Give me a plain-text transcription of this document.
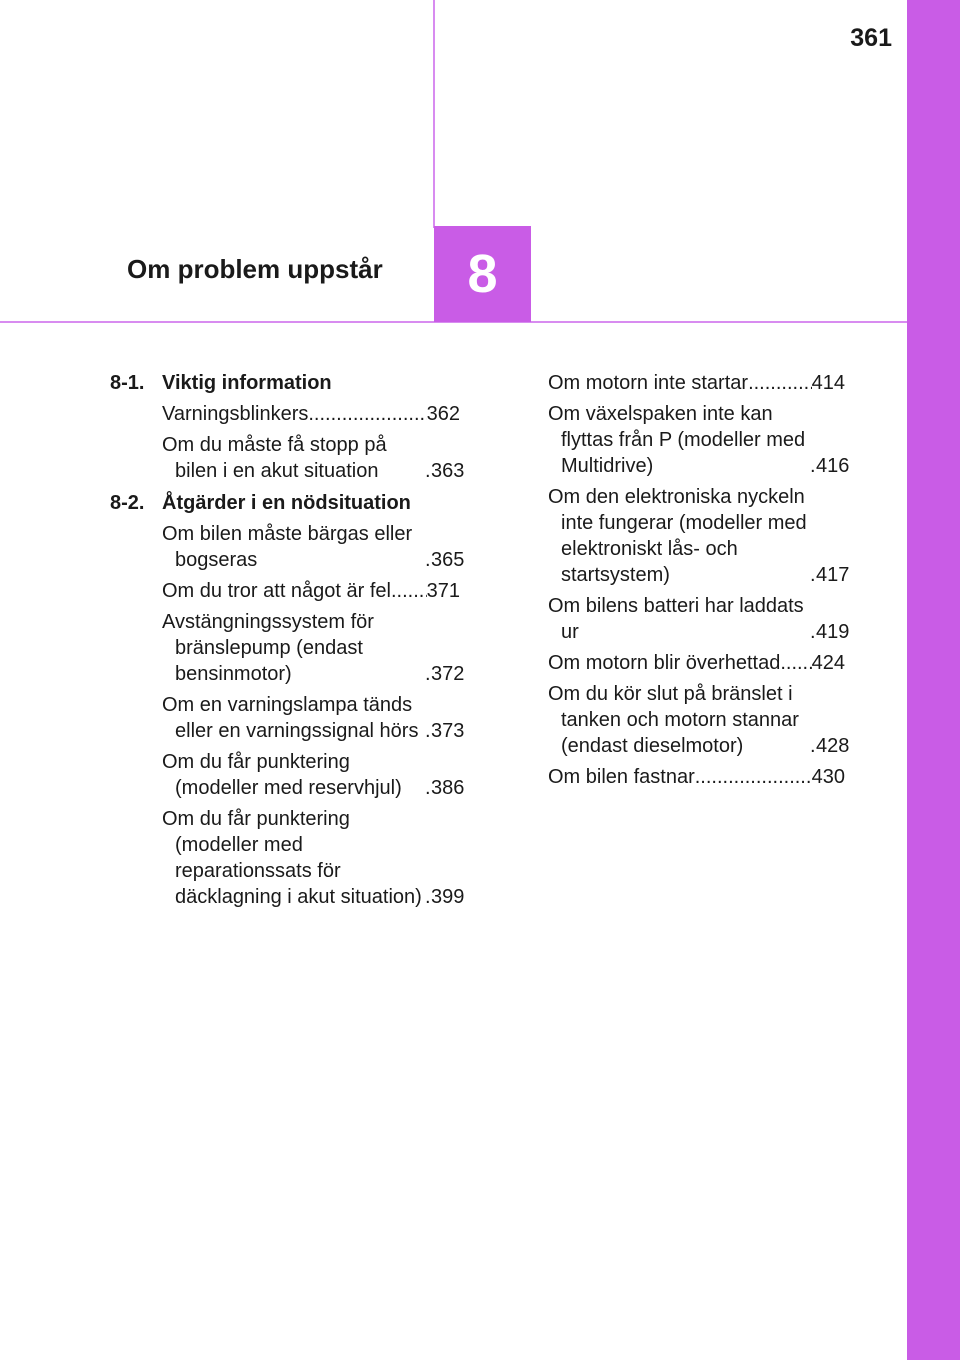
361
8
Om problem uppstår
8-1. Viktig information
Varningsblinkers .....	362
Om du måste få stopp på bilen i en akut situation .....	363
8-2. Åtgärder i en nödsituation
Om bilen måste bärgas eller bogseras .....	365
Om du tror att något är fel ..... 371
Avstängningssystem för bränslepump (endast bensinmotor) .....	372
Om en varningslampa tänds eller en varningssignal hörs ..... 373
Om du får punktering (modeller med reservhjul) .....	386
Om du får punktering (modeller med reparationssats för däcklagning i akut situation) ..... 399
Om motorn inte startar .....	414
Om växelspaken inte kan flyttas från P (modeller med Multidrive) .....	416
Om den elektroniska nyckeln inte fungerar (modeller med elektroniskt lås- och startsystem) .....	417
Om bilens batteri har laddats ur .....	419
Om motorn blir överhettad ..... 424
Om du kör slut på bränslet i tanken och motorn stannar (endast dieselmotor) .....	428
Om bilen fastnar .....	430
